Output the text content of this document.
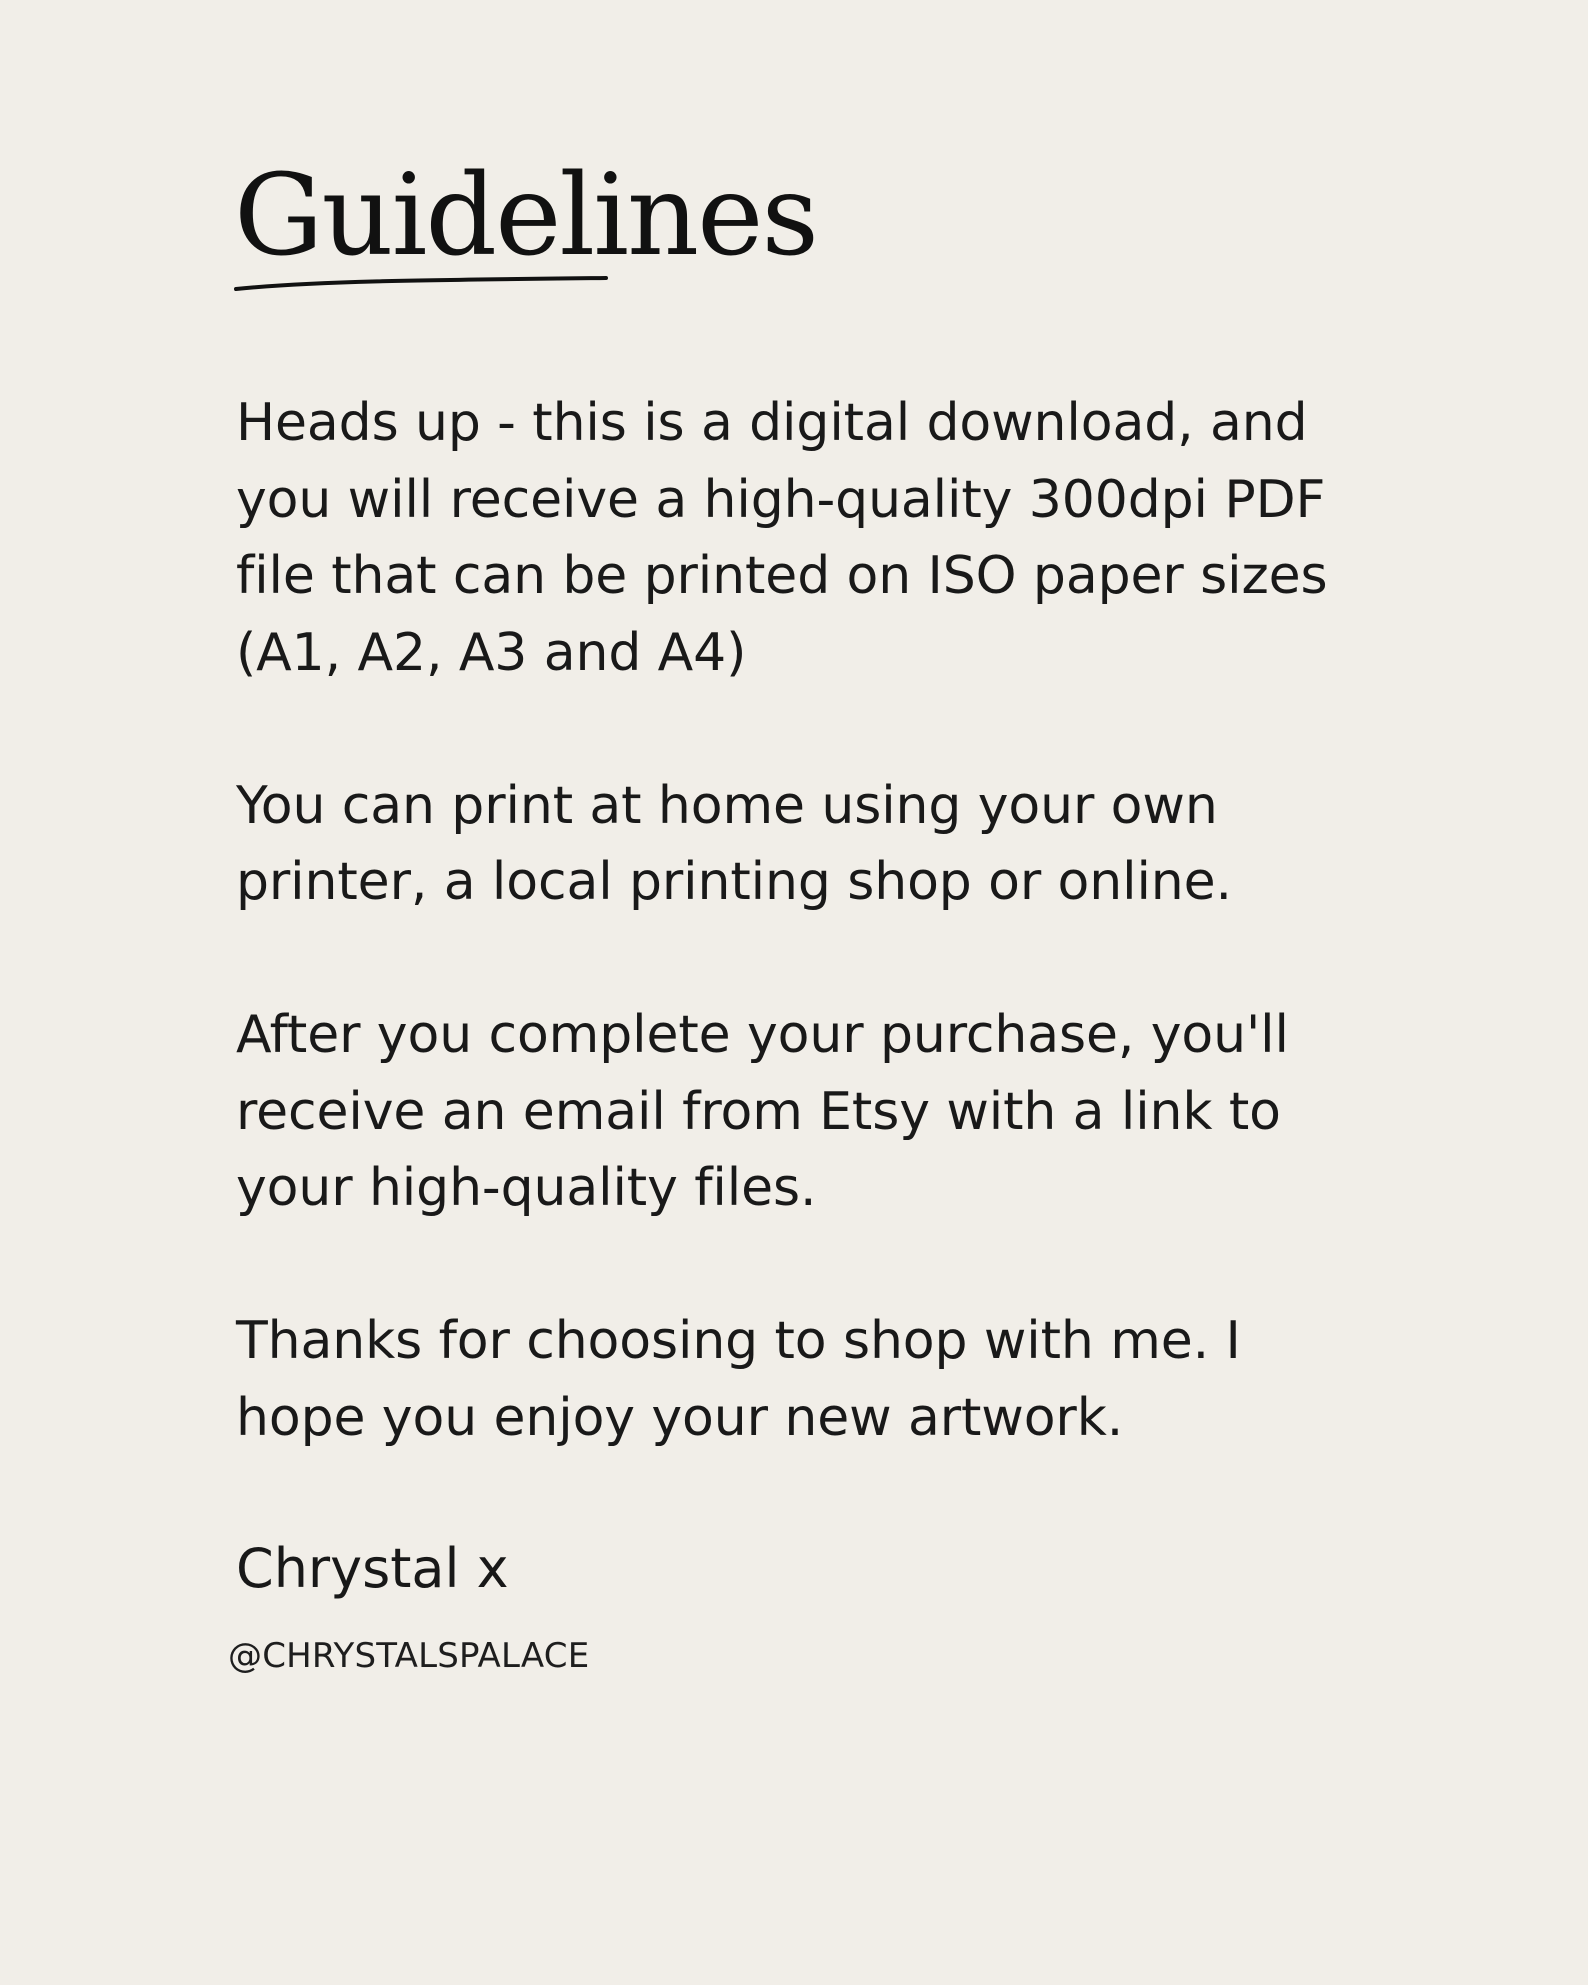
Guidelines

Heads up - this is a digital download, and
you will receive a high-quality 300dpi PDF
file that can be printed on ISO paper sizes
(A1, A2, A3 and A4)

You can print at home using your own
printer, a local printing shop or online.

After you complete your purchase, you'll
receive an email from Etsy with a link to
your high-quality files.

Thanks for choosing to shop with me. I
hope you enjoy your new artwork.

Chrystal x

@CHRYSTALSPALACE
